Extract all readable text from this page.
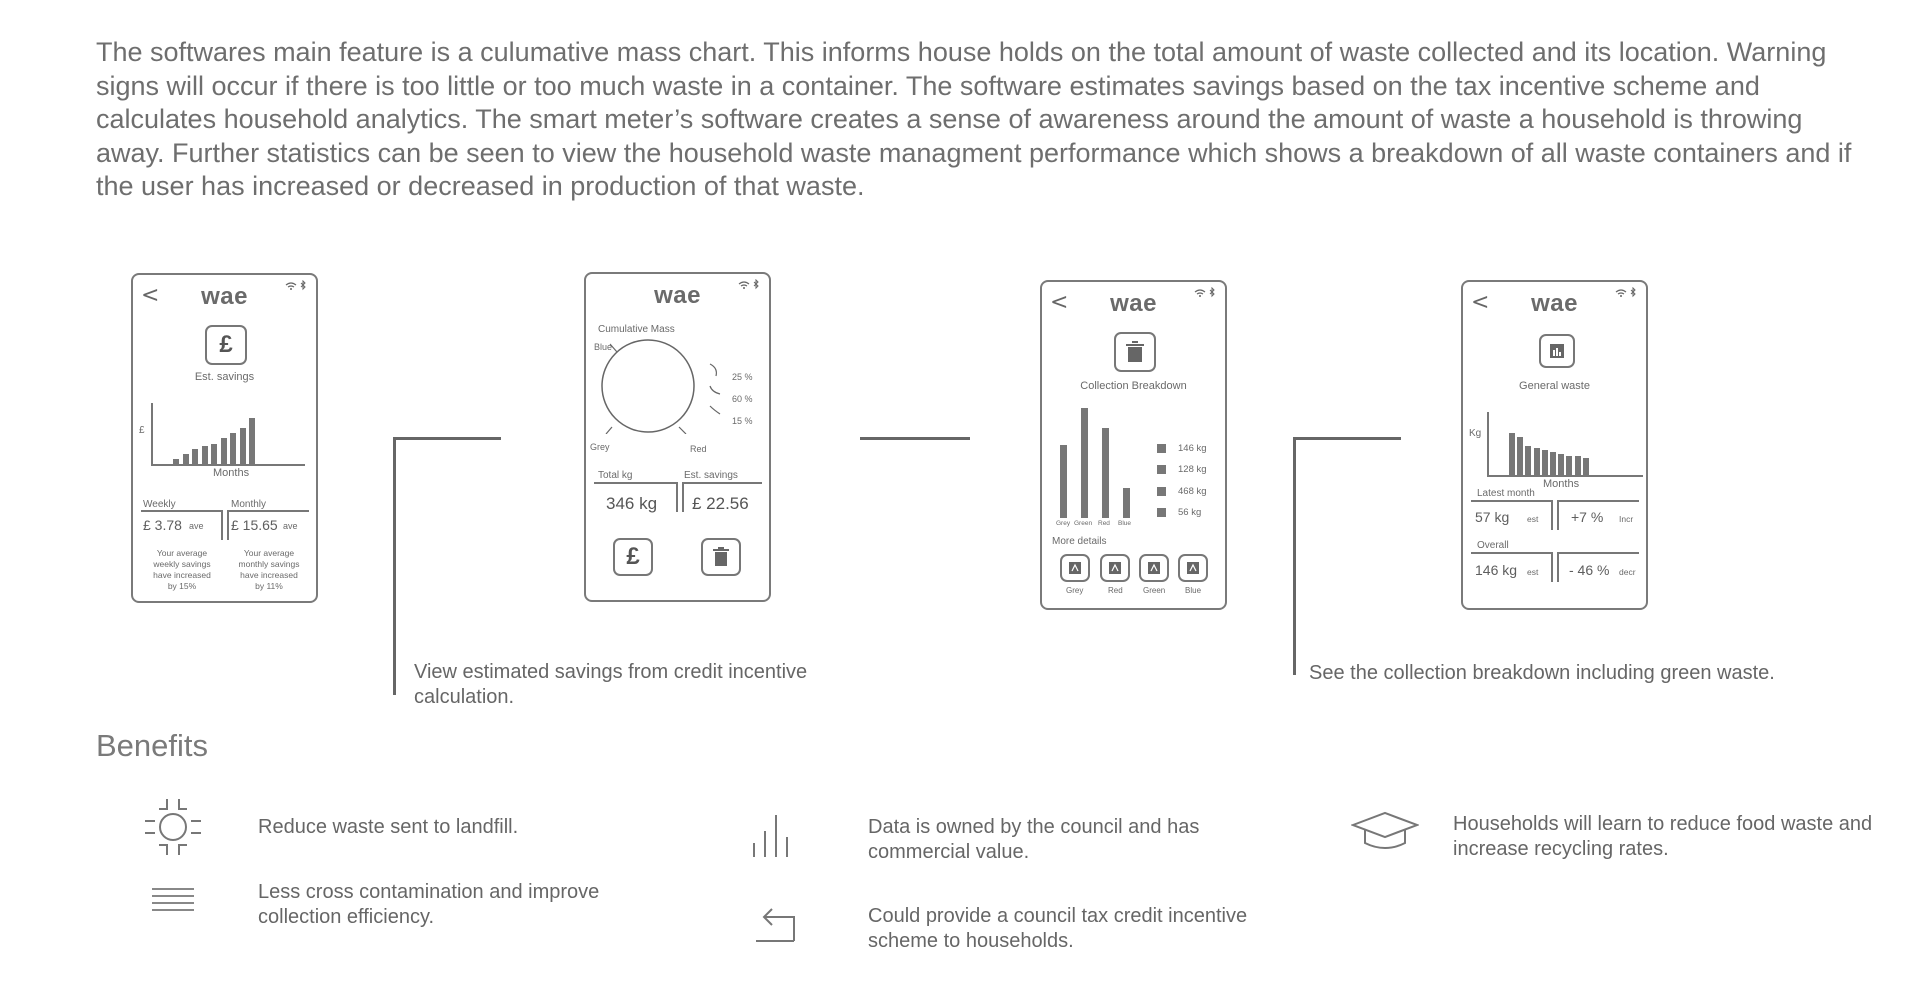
The softwares main feature is a culumative mass chart. This informs house holds on the total amount of waste collected and its location. Warning signs will occur if there is too little or too much waste in a container. The software estimates savings based on the tax incentive scheme and calculates household analytics. The smart meter’s software creates a sense of awareness around the amount of waste a household is throwing away. Further statistics can be seen to view the household waste managment performance which shows a breakdown of all waste containers and if the user has increased or decreased in production of that waste.

<	wae
£
Est. savings
£
Months
Weekly	Monthly
£ 3.78 ave £ 15.65 ave
Your average
weekly savings
have increased
by 15%
Your average
monthly savings
have increased
by 11%
wae
Cumulative Mass
Blue
Grey	Red
25 %
60 %
15 %
Total kg	Est. savings
346 kg £ 22.56
£
<	wae
Collection Breakdown
Grey Green Red Blue
146 kg
128 kg
468 kg
56 kg
More details
Grey	Red	Green Blue
<	wae
General waste
Kg
Months
Latest month
57 kg est +7 % Incr
Overall
146 kg est - 46 % decr
View estimated savings from credit incentive calculation.
See the collection breakdown including green waste.
Benefits
Reduce waste sent to landfill.
Less cross contamination and improve collection efficiency.
Data is owned by the council and has commercial value.
Could provide a council tax credit incentive scheme to households.
Households will learn to reduce food waste and increase recycling rates.
